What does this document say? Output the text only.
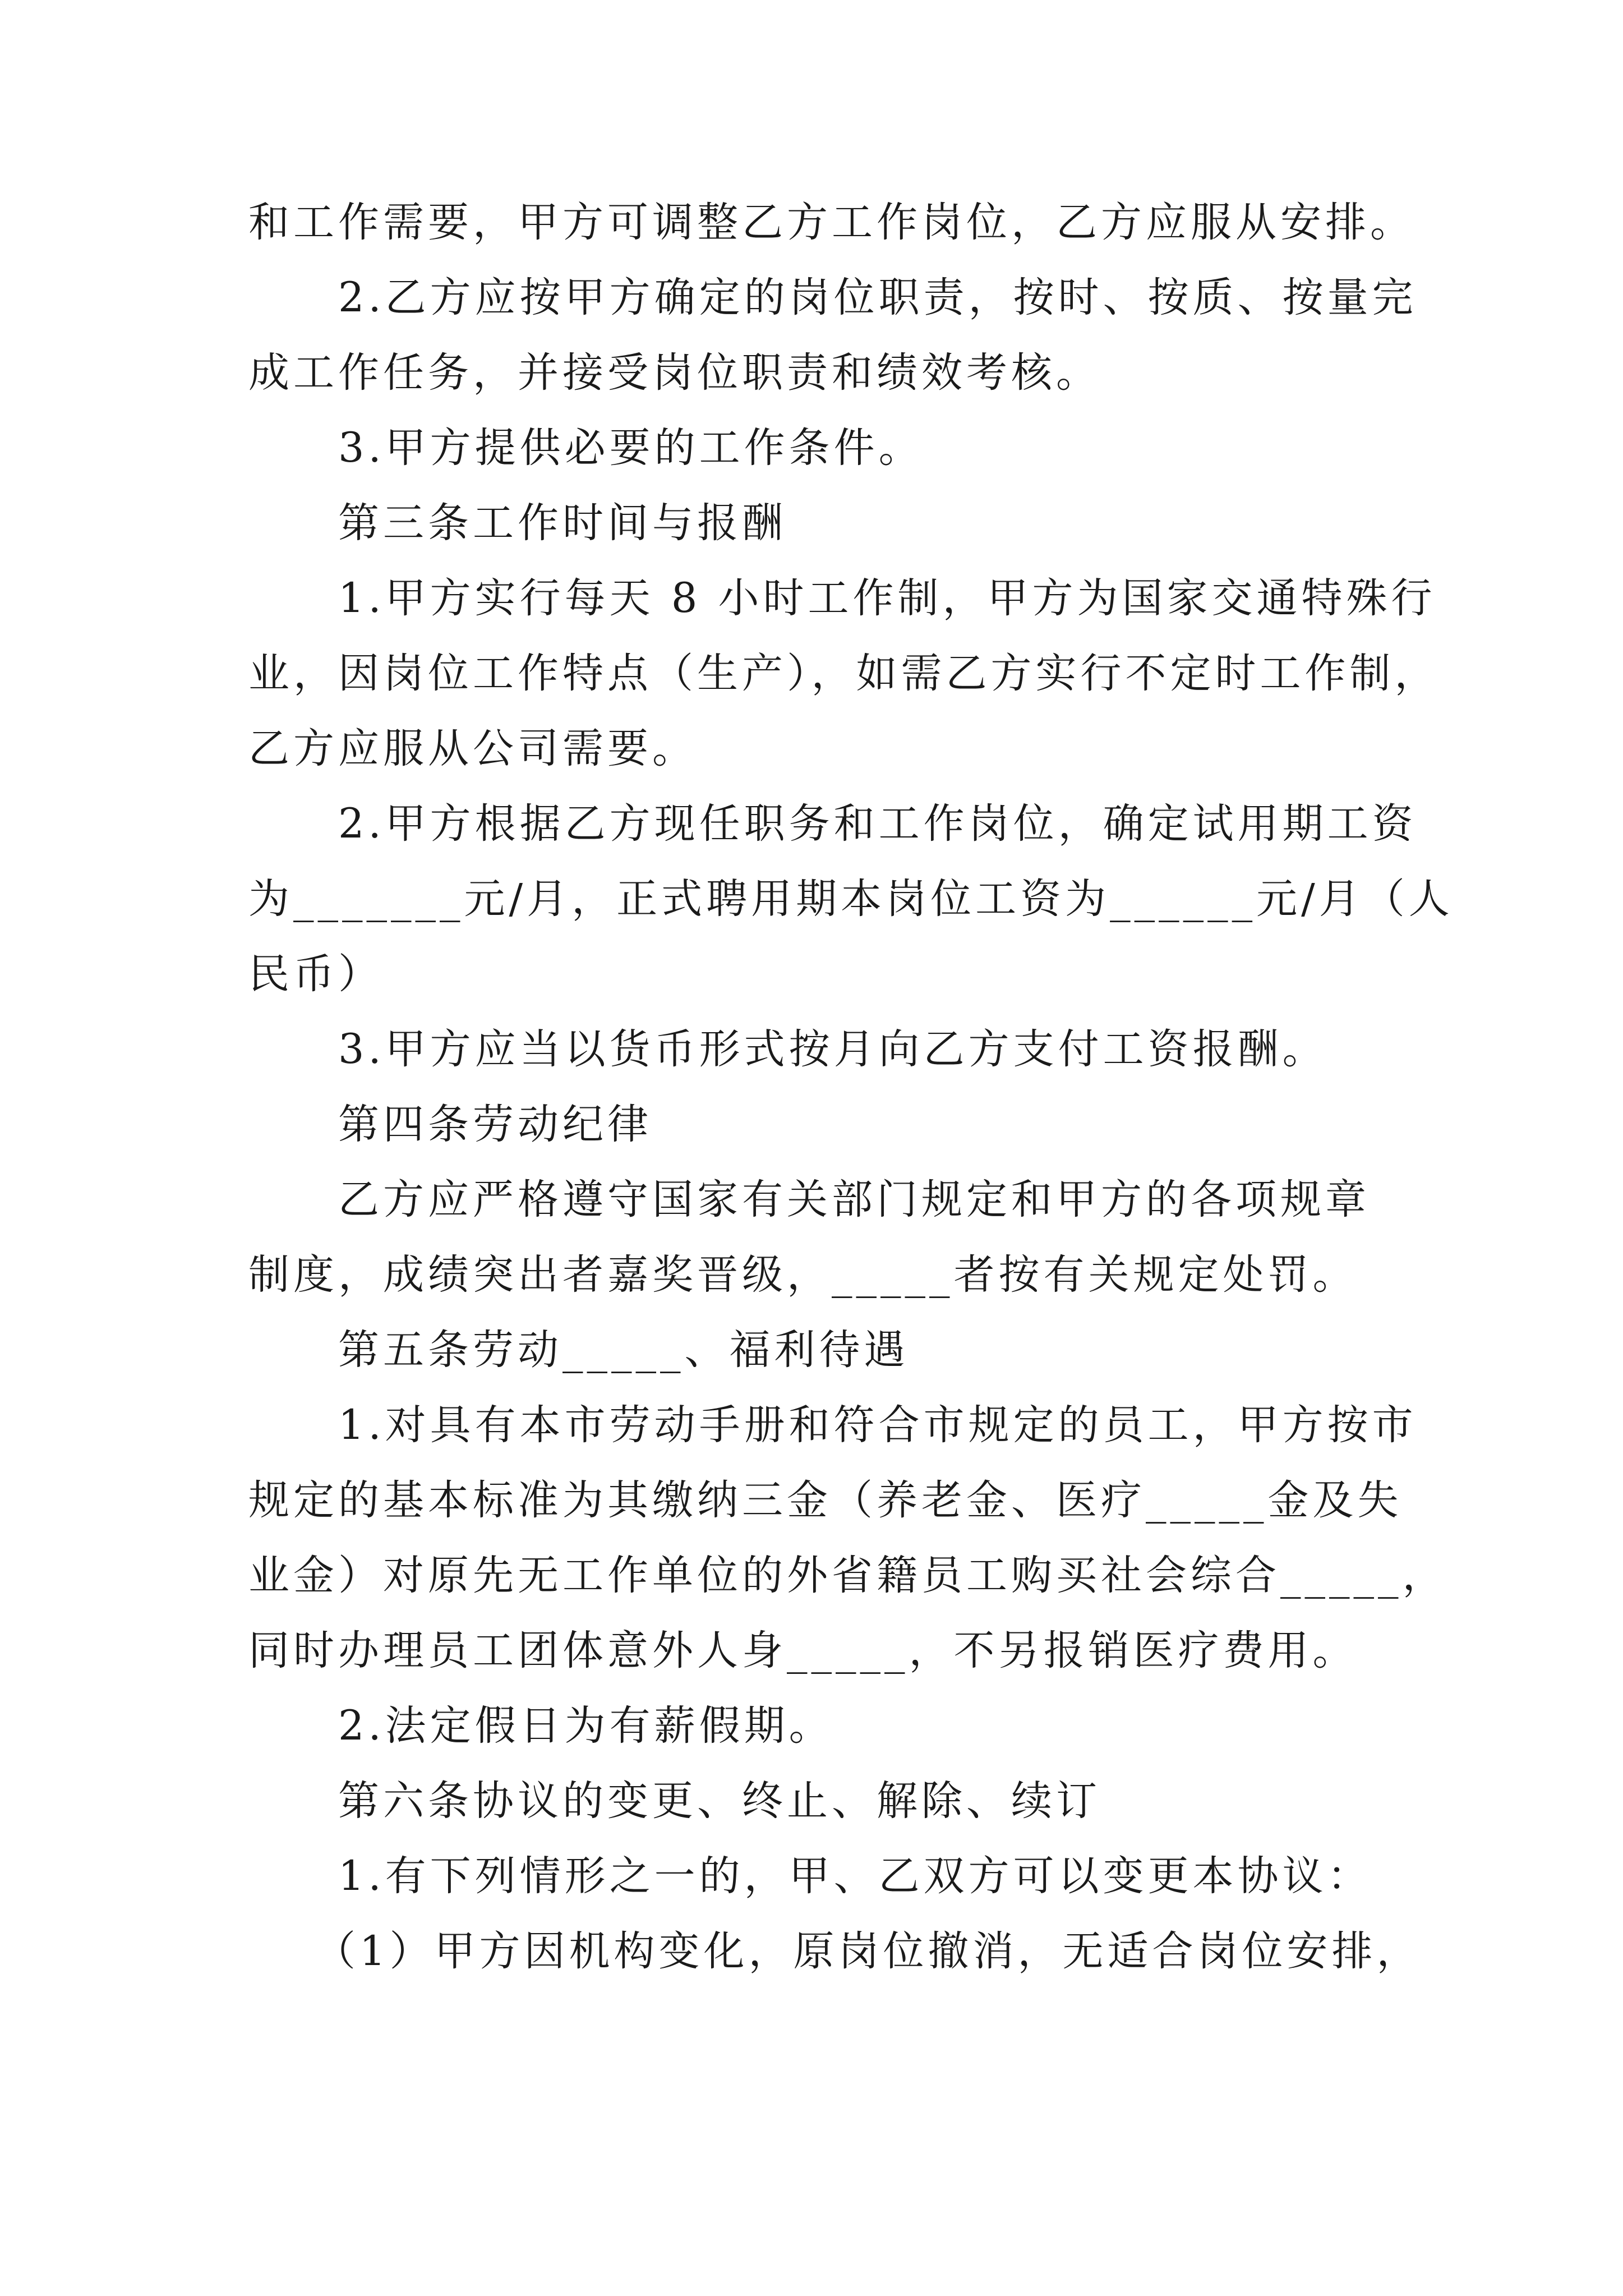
和工作需要，甲方可调整乙方工作岗位，乙方应服从安排。
2.乙方应按甲方确定的岗位职责，按时、按质、按量完
成工作任务，并接受岗位职责和绩效考核。
3.甲方提供必要的工作条件。
第三条工作时间与报酬
1.甲方实行每天 8 小时工作制，甲方为国家交通特殊行
业，因岗位工作特点（生产），如需乙方实行不定时工作制，
乙方应服从公司需要。
2.甲方根据乙方现任职务和工作岗位，确定试用期工资
为_______元/月，正式聘用期本岗位工资为______元/月（人
民币）
3.甲方应当以货币形式按月向乙方支付工资报酬。
第四条劳动纪律
乙方应严格遵守国家有关部门规定和甲方的各项规章
制度，成绩突出者嘉奖晋级，_____者按有关规定处罚。
第五条劳动_____、福利待遇
1.对具有本市劳动手册和符合市规定的员工，甲方按市
规定的基本标准为其缴纳三金（养老金、医疗_____金及失
业金）对原先无工作单位的外省籍员工购买社会综合_____，
同时办理员工团体意外人身_____，不另报销医疗费用。
2.法定假日为有薪假期。
第六条协议的变更、终止、解除、续订
1.有下列情形之一的，甲、乙双方可以变更本协议：
（1）甲方因机构变化，原岗位撤消，无适合岗位安排，
